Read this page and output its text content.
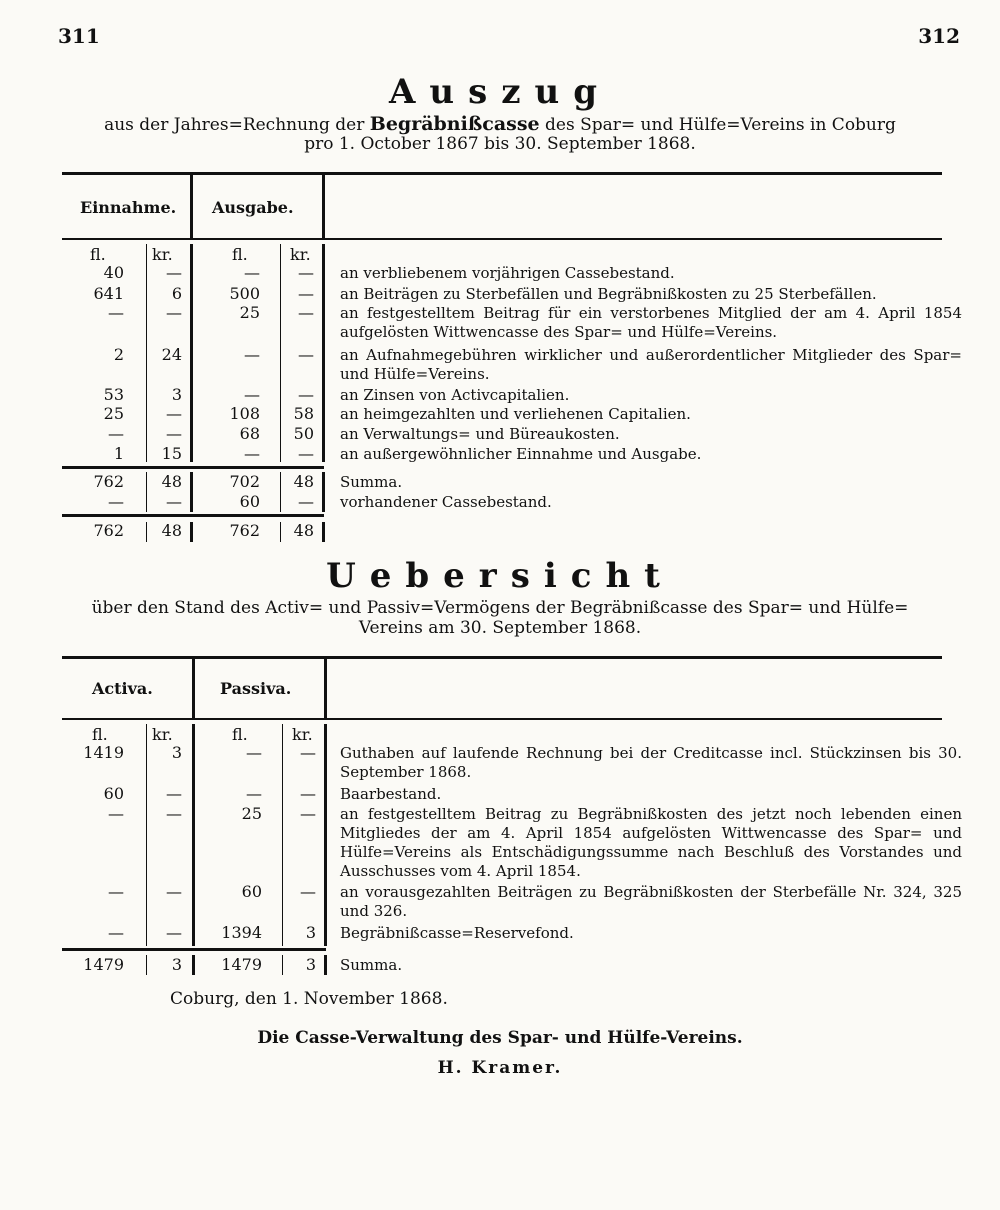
311	312
Auszug
aus der Jahres=Rechnung der Begräbnißcasse des Spar= und Hülfe=Vereins in Coburg
pro 1. October 1867 bis 30. September 1868.
Einnahme. Ausgabe.
fl.	kr.	fl.	kr.
40	—	—	— an verbliebenem vorjährigen Cassebestand.
641	6	500	— an Beiträgen zu Sterbefällen und Begräbnißkosten zu 25 Sterbefällen.
—	—	25	— an festgestelltem Beitrag für ein verstorbenes Mitglied der am 4. April 1854 aufgelösten Wittwencasse des Spar= und Hülfe=Vereins.
2	24	—	— an Aufnahmegebühren wirklicher und außerordentlicher Mitglieder des Spar= und Hülfe=Vereins.
53	3	—	— an Zinsen von Activcapitalien.
25	—	108	58 an heimgezahlten und verliehenen Capitalien.
—	—	68	50 an Verwaltungs= und Büreaukosten.
1	15	—	— an außergewöhnlicher Einnahme und Ausgabe.
762	48	702	48 Summa.
—	—	60	— vorhandener Cassebestand.
762	48	762	48
Uebersicht
über den Stand des Activ= und Passiv=Vermögens der Begräbnißcasse des Spar= und Hülfe=
Vereins am 30. September 1868.
Activa.	Passiva.
fl.	kr.	fl.	kr.
1419	3	—	— Guthaben auf laufende Rechnung bei der Creditcasse incl. Stückzinsen bis 30. September 1868.
60	—	—	— Baarbestand.
—	—	25	— an festgestelltem Beitrag zu Begräbnißkosten des jetzt noch lebenden einen Mitgliedes der am 4. April 1854 aufgelösten Wittwencasse des Spar= und Hülfe=Vereins als Entschädigungssumme nach Beschluß des Vorstandes und Ausschusses vom 4. April 1854.
—	—	60	— an vorausgezahlten Beiträgen zu Begräbnißkosten der Sterbefälle Nr. 324, 325 und 326.
—	—	1394	3 Begräbnißcasse=Reservefond.
1479	3	1479	3 Summa.
Coburg, den 1. November 1868.
Die Casse-Verwaltung des Spar- und Hülfe-Vereins.
H. Kramer.
